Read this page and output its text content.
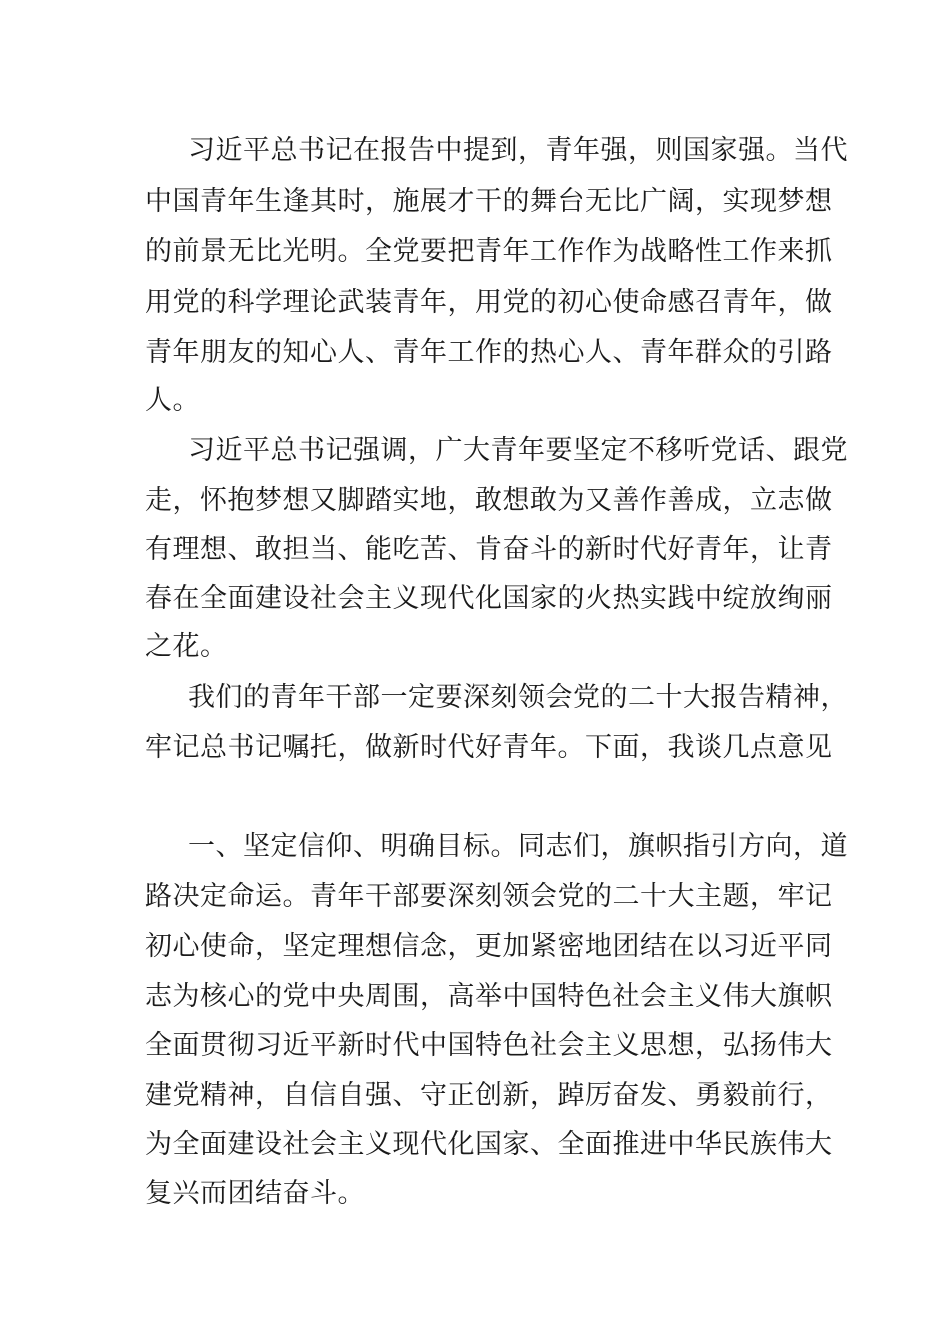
习近平总书记在报告中提到，青年强，则国家强。当代
中国青年生逢其时，施展才干的舞台无比广阔，实现梦想
的前景无比光明。全党要把青年工作作为战略性工作来抓
用党的科学理论武装青年，用党的初心使命感召青年，做
青年朋友的知心人、青年工作的热心人、青年群众的引路
人。
习近平总书记强调，广大青年要坚定不移听党话、跟党
走，怀抱梦想又脚踏实地，敢想敢为又善作善成，立志做
有理想、敢担当、能吃苦、肯奋斗的新时代好青年，让青
春在全面建设社会主义现代化国家的火热实践中绽放绚丽
之花。
我们的青年干部一定要深刻领会党的二十大报告精神，
牢记总书记嘱托，做新时代好青年。下面，我谈几点意见
一、坚定信仰、明确目标。同志们，旗帜指引方向，道
路决定命运。青年干部要深刻领会党的二十大主题，牢记
初心使命，坚定理想信念，更加紧密地团结在以习近平同
志为核心的党中央周围，高举中国特色社会主义伟大旗帜
全面贯彻习近平新时代中国特色社会主义思想，弘扬伟大
建党精神，自信自强、守正创新，踔厉奋发、勇毅前行，
为全面建设社会主义现代化国家、全面推进中华民族伟大
复兴而团结奋斗。
